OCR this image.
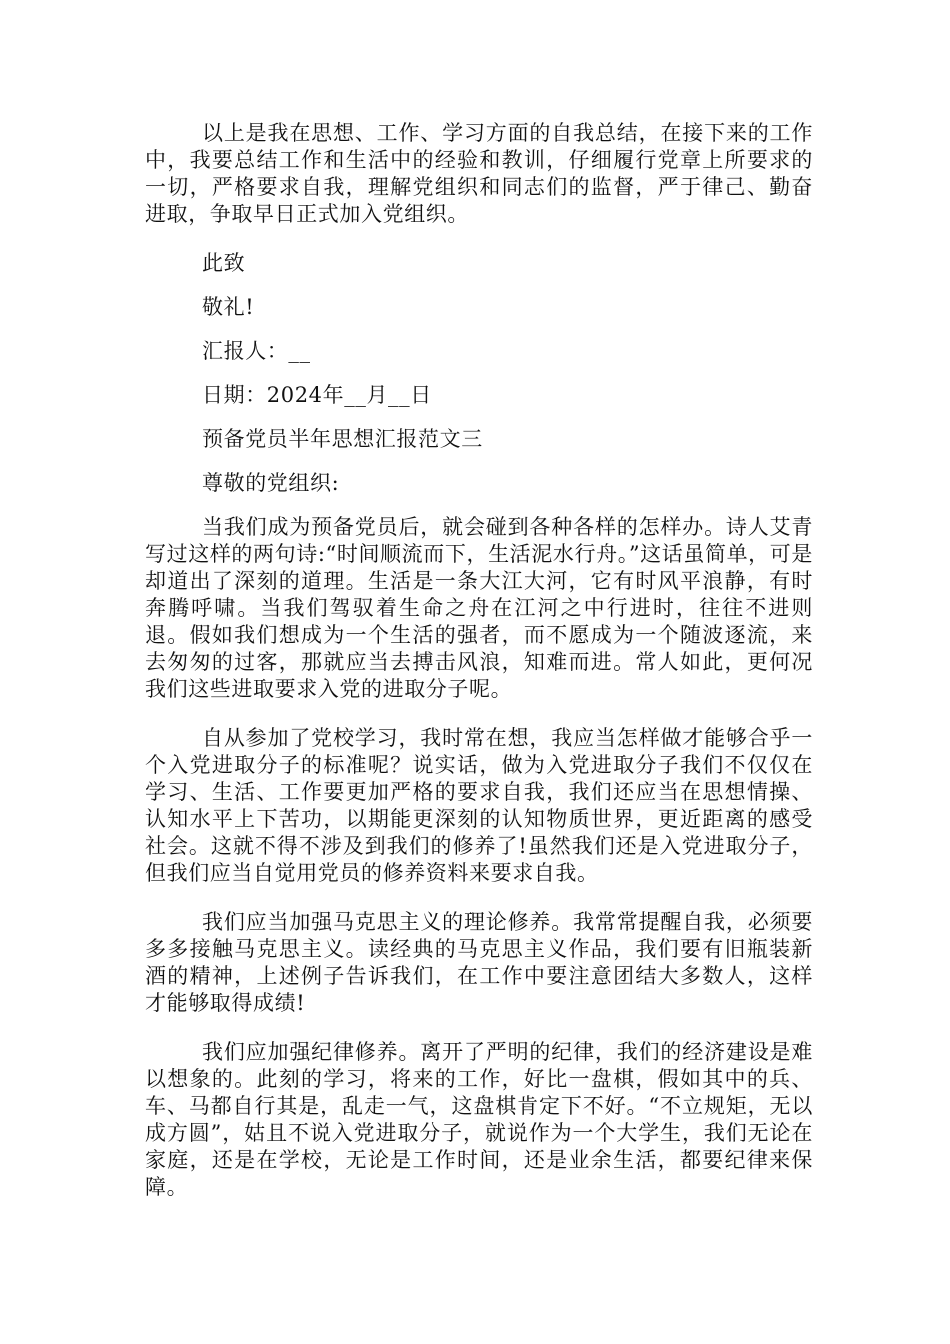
以上是我在思想、工作、学习方面的自我总结，在接下来的工作中，我要总结工作和生活中的经验和教训，仔细履行党章上所要求的一切，严格要求自我，理解党组织和同志们的监督，严于律己、勤奋进取，争取早日正式加入党组织。

此致

敬礼!

汇报人：__

日期：2024年__月__日

预备党员半年思想汇报范文三

尊敬的党组织:

当我们成为预备党员后，就会碰到各种各样的怎样办。诗人艾青写过这样的两句诗:“时间顺流而下，生活泥水行舟。”这话虽简单，可是却道出了深刻的道理。生活是一条大江大河，它有时风平浪静，有时奔腾呼啸。当我们驾驭着生命之舟在江河之中行进时，往往不进则退。假如我们想成为一个生活的强者，而不愿成为一个随波逐流，来去匆匆的过客，那就应当去搏击风浪，知难而进。常人如此，更何况我们这些进取要求入党的进取分子呢。

自从参加了党校学习，我时常在想，我应当怎样做才能够合乎一个入党进取分子的标准呢？说实话，做为入党进取分子我们不仅仅在学习、生活、工作要更加严格的要求自我，我们还应当在思想情操、认知水平上下苦功，以期能更深刻的认知物质世界，更近距离的感受社会。这就不得不涉及到我们的修养了!虽然我们还是入党进取分子，但我们应当自觉用党员的修养资料来要求自我。

我们应当加强马克思主义的理论修养。我常常提醒自我，必须要多多接触马克思主义。读经典的马克思主义作品，我们要有旧瓶装新酒的精神，上述例子告诉我们，在工作中要注意团结大多数人，这样才能够取得成绩!

我们应加强纪律修养。离开了严明的纪律，我们的经济建设是难以想象的。此刻的学习，将来的工作，好比一盘棋，假如其中的兵、车、马都自行其是，乱走一气，这盘棋肯定下不好。“不立规矩，无以成方圆”，姑且不说入党进取分子，就说作为一个大学生，我们无论在家庭，还是在学校，无论是工作时间，还是业余生活，都要纪律来保障。
